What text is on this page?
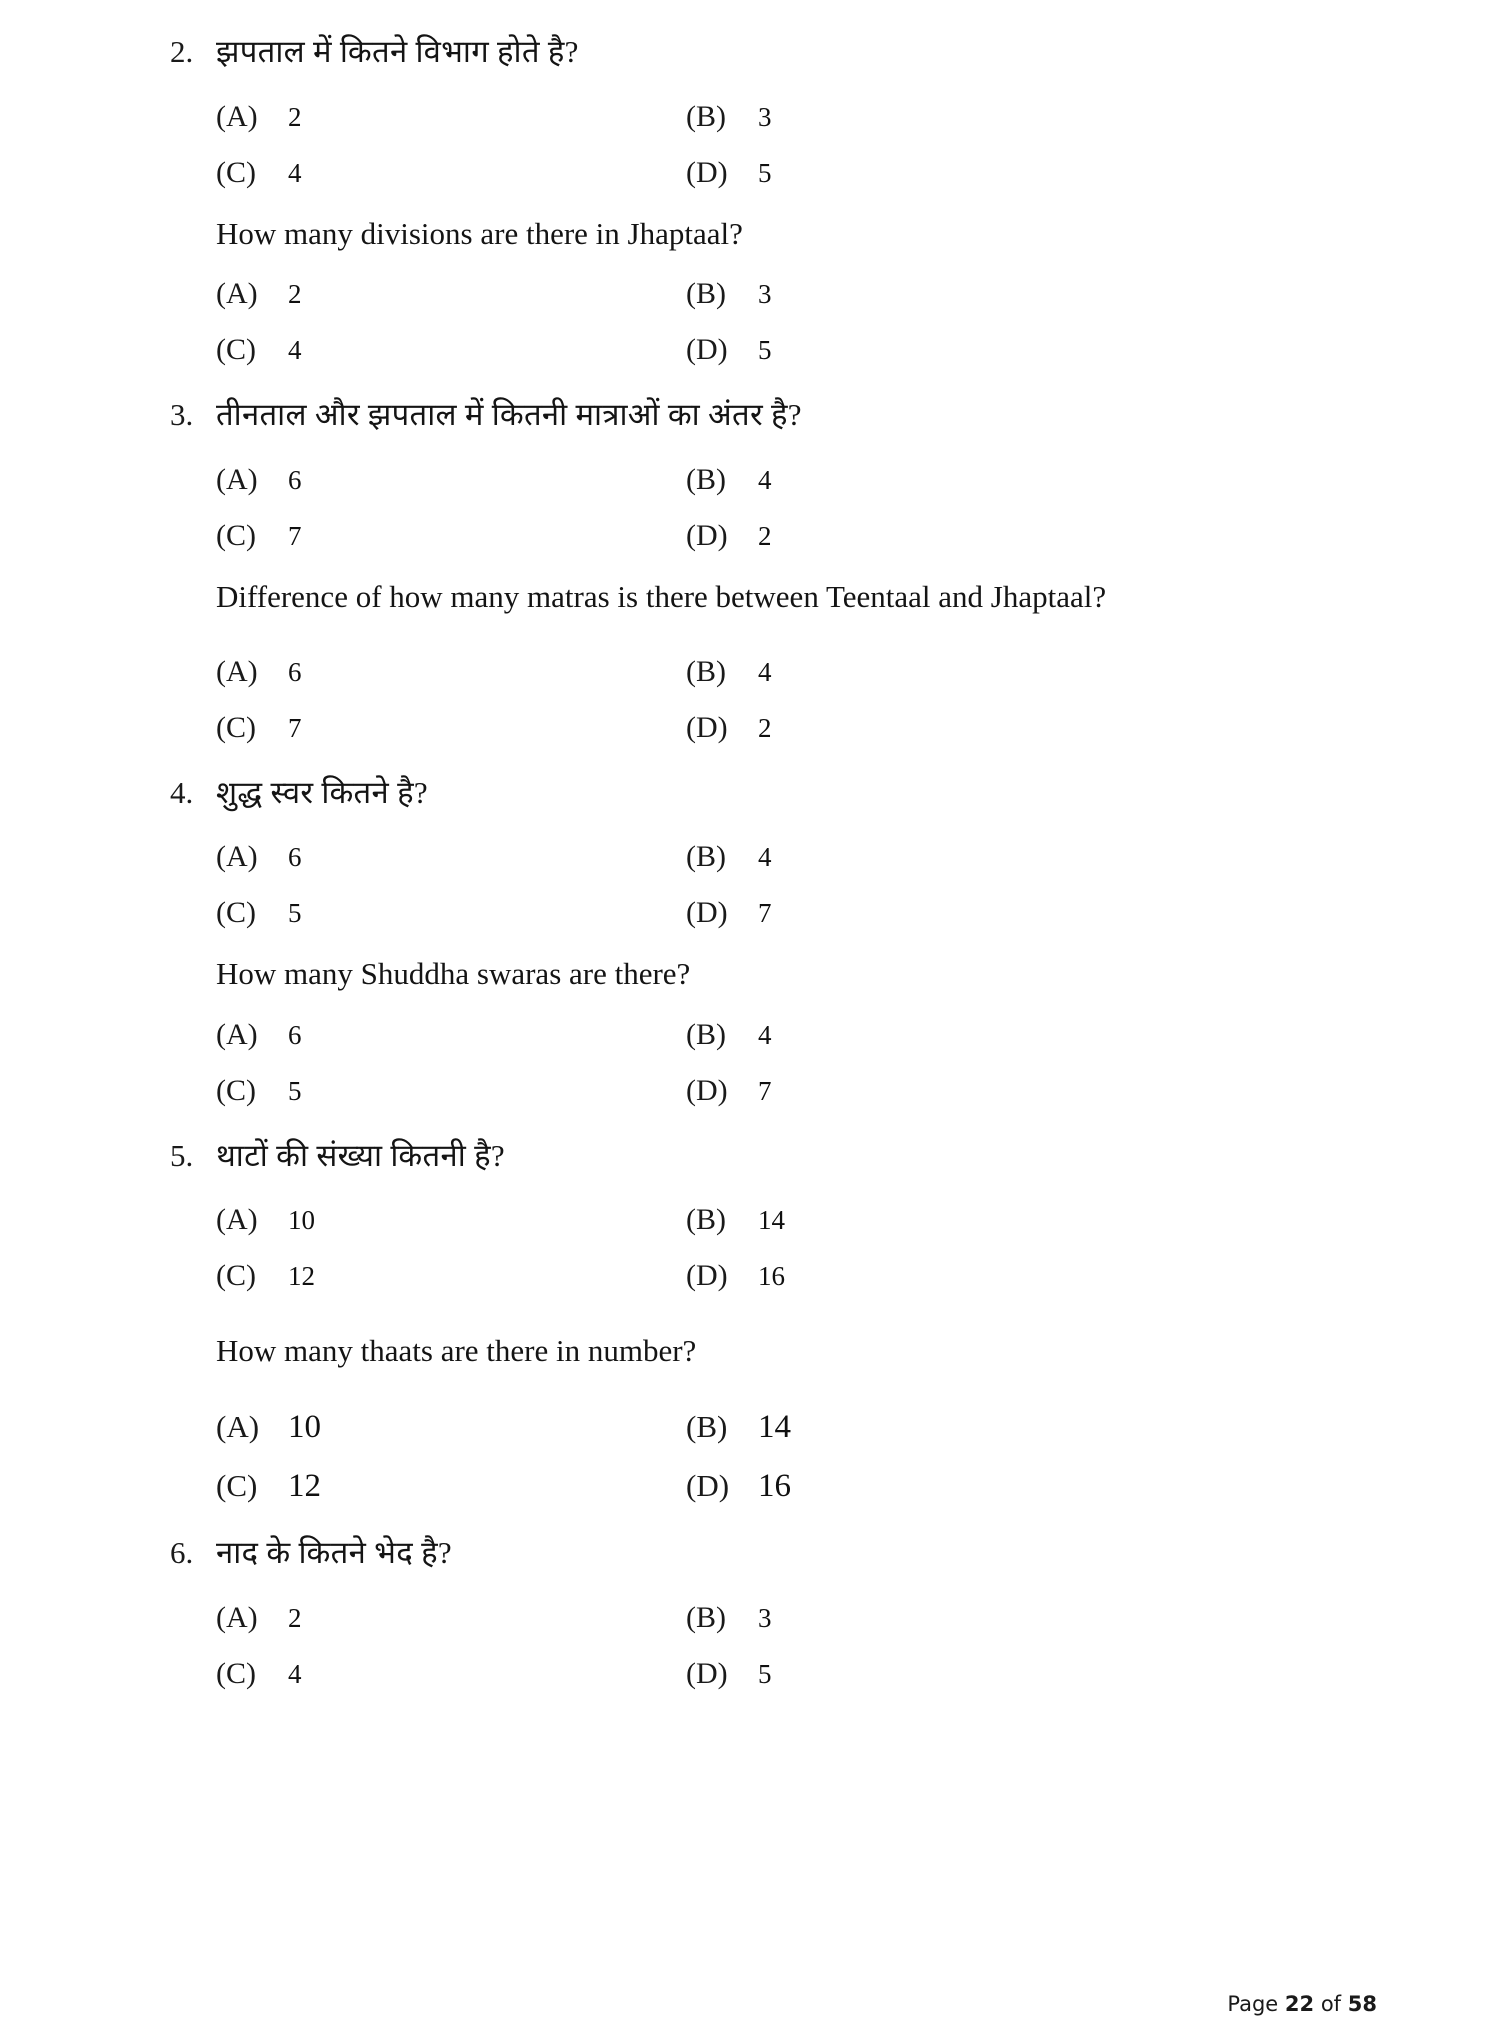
2. झपताल में कितने विभाग होते है?
(A)	2	(B)	3
(C)	4	(D)	5
How many divisions are there in Jhaptaal?
(A)	2	(B)	3
(C)	4	(D)	5
3. तीनताल और झपताल में कितनी मात्राओं का अंतर है?
(A)	6	(B)	4
(C)	7	(D)	2
Difference of how many matras is there between Teentaal and Jhaptaal?
(A)	6	(B)	4
(C)	7	(D)	2
4. शुद्ध स्वर कितने है?
(A)	6	(B)	4
(C)	5	(D)	7
How many Shuddha swaras are there?
(A)	6	(B)	4
(C)	5	(D)	7
5. थाटों की संख्या कितनी है?
(A)	10	(B)	14
(C)	12	(D)	16
How many thaats are there in number?
(A) 10	(B) 14
(C) 12	(D) 16
6. नाद के कितने भेद है?
(A)	2	(B)	3
(C)	4	(D)	5
Page 22 of 58
